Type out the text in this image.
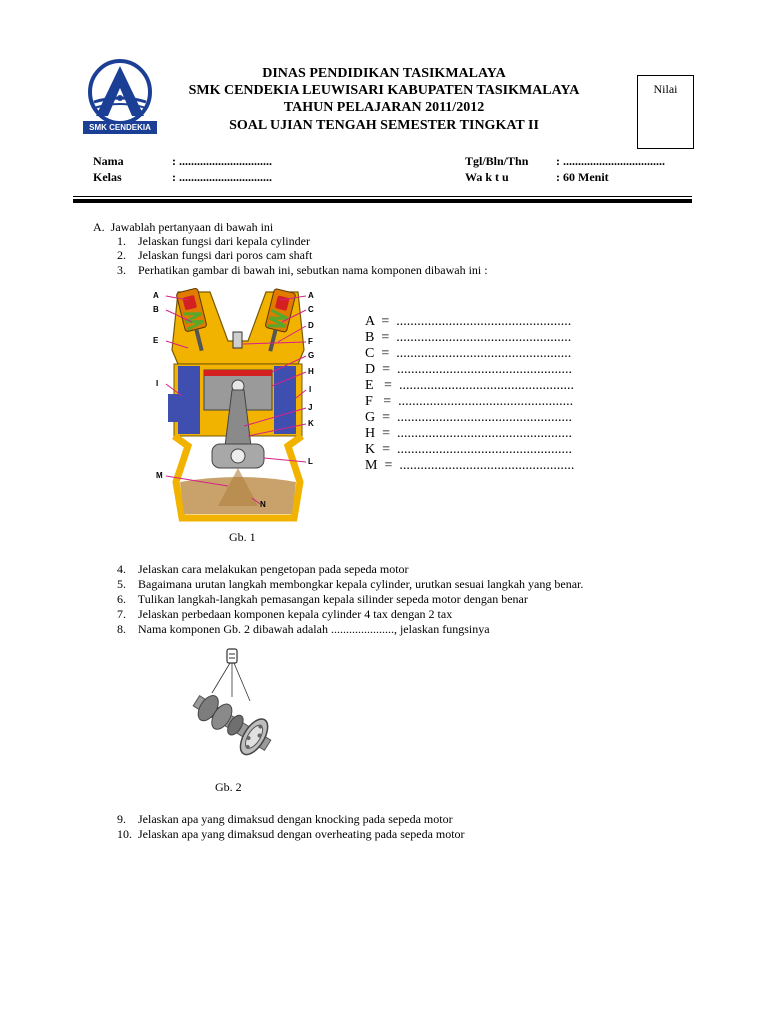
SMK CENDEKIA
DINAS PENDIDIKAN TASIKMALAYA
SMK CENDEKIA LEUWISARI KABUPATEN TASIKMALAYA
TAHUN PELAJARAN 2011/2012
SOAL UJIAN TENGAH SEMESTER TINGKAT II
Nilai
Nama	: ...............................
Kelas	: ...............................
Tgl/Bln/Thn : ..................................
Wa k t u	: 60 Menit
A.  Jawablah pertanyaan di bawah ini
1.    Jelaskan fungsi dari kepala cylinder
2.    Jelaskan fungsi dari poros cam shaft
3.    Perhatikan gambar di bawah ini, sebutkan nama komponen dibawah ini :
A
B
E
I
M
A
C
D
F
G
H
I
J
K
L
N
Gb. 1
A  =  ..................................................
B  =  ..................................................
C  =  ..................................................
D  =  ..................................................
E   =  ..................................................
F   =  ..................................................
G  =  ..................................................
H  =  ..................................................
K  =  ..................................................
M  =  ..................................................
4.    Jelaskan cara melakukan pengetopan pada sepeda motor
5.    Bagaimana urutan langkah membongkar kepala cylinder, urutkan sesuai langkah yang benar.
6.    Tulikan langkah-langkah pemasangan kepala silinder sepeda motor dengan benar
7.    Jelaskan perbedaan komponen kepala cylinder 4 tax dengan 2 tax
8.    Nama komponen Gb. 2 dibawah adalah ....................., jelaskan fungsinya
Gb. 2
9.    Jelaskan apa yang dimaksud dengan knocking pada sepeda motor
10.  Jelaskan apa yang dimaksud dengan overheating pada sepeda motor
